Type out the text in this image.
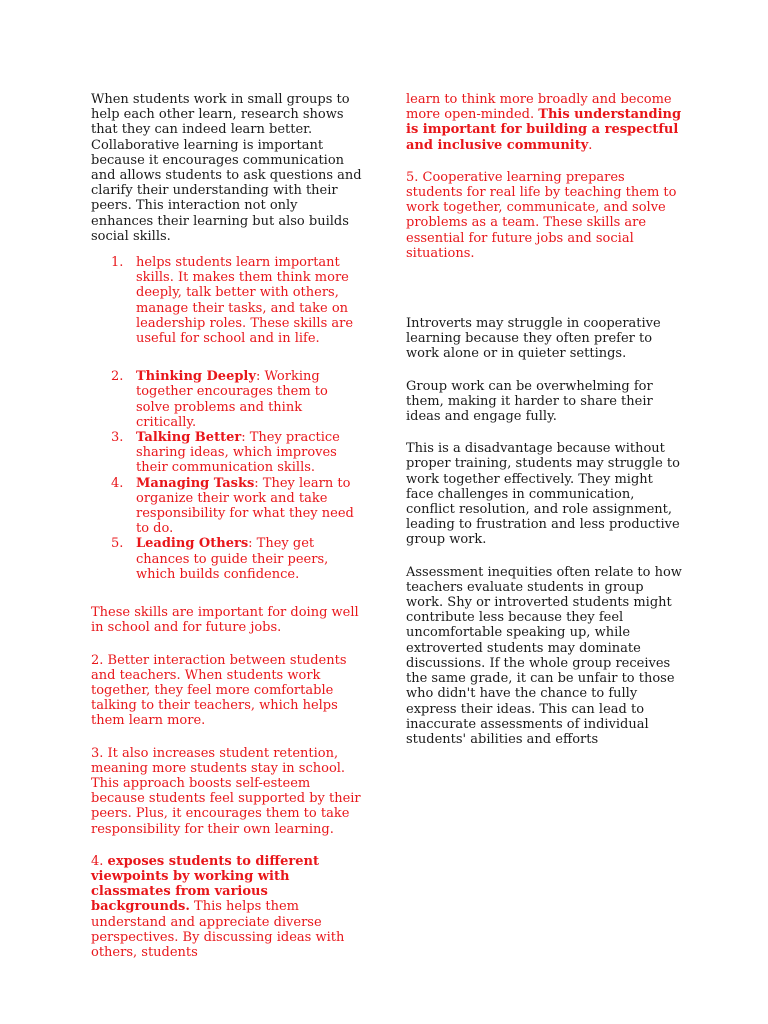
When students work in small groups to help each other learn, research shows that they can indeed learn better. Collaborative learning is important because it encourages communication and allows students to ask questions and clarify their understanding with their peers. This interaction not only enhances their learning but also builds social skills.

1. helps students learn important skills. It makes them think more deeply, talk better with others, manage their tasks, and take on leadership roles. These skills are useful for school and in life.
2. Thinking Deeply: Working together encourages them to solve problems and think critically.
3. Talking Better: They practice sharing ideas, which improves their communication skills.
4. Managing Tasks: They learn to organize their work and take responsibility for what they need to do.
5. Leading Others: They get chances to guide their peers, which builds confidence.

These skills are important for doing well in school and for future jobs.

2. Better interaction between students and teachers. When students work together, they feel more comfortable talking to their teachers, which helps them learn more.

3. It also increases student retention, meaning more students stay in school. This approach boosts self-esteem because students feel supported by their peers. Plus, it encourages them to take responsibility for their own learning.

4. exposes students to different viewpoints by working with classmates from various backgrounds. This helps them understand and appreciate diverse perspectives. By discussing ideas with others, students

learn to think more broadly and become more open-minded. This understanding is important for building a respectful and inclusive community.

5. Cooperative learning prepares students for real life by teaching them to work together, communicate, and solve problems as a team. These skills are essential for future jobs and social situations.

Introverts may struggle in cooperative learning because they often prefer to work alone or in quieter settings.

Group work can be overwhelming for them, making it harder to share their ideas and engage fully.

This is a disadvantage because without proper training, students may struggle to work together effectively. They might face challenges in communication, conflict resolution, and role assignment, leading to frustration and less productive group work.

Assessment inequities often relate to how teachers evaluate students in group work. Shy or introverted students might contribute less because they feel uncomfortable speaking up, while extroverted students may dominate discussions. If the whole group receives the same grade, it can be unfair to those who didn't have the chance to fully express their ideas. This can lead to inaccurate assessments of individual students' abilities and efforts
